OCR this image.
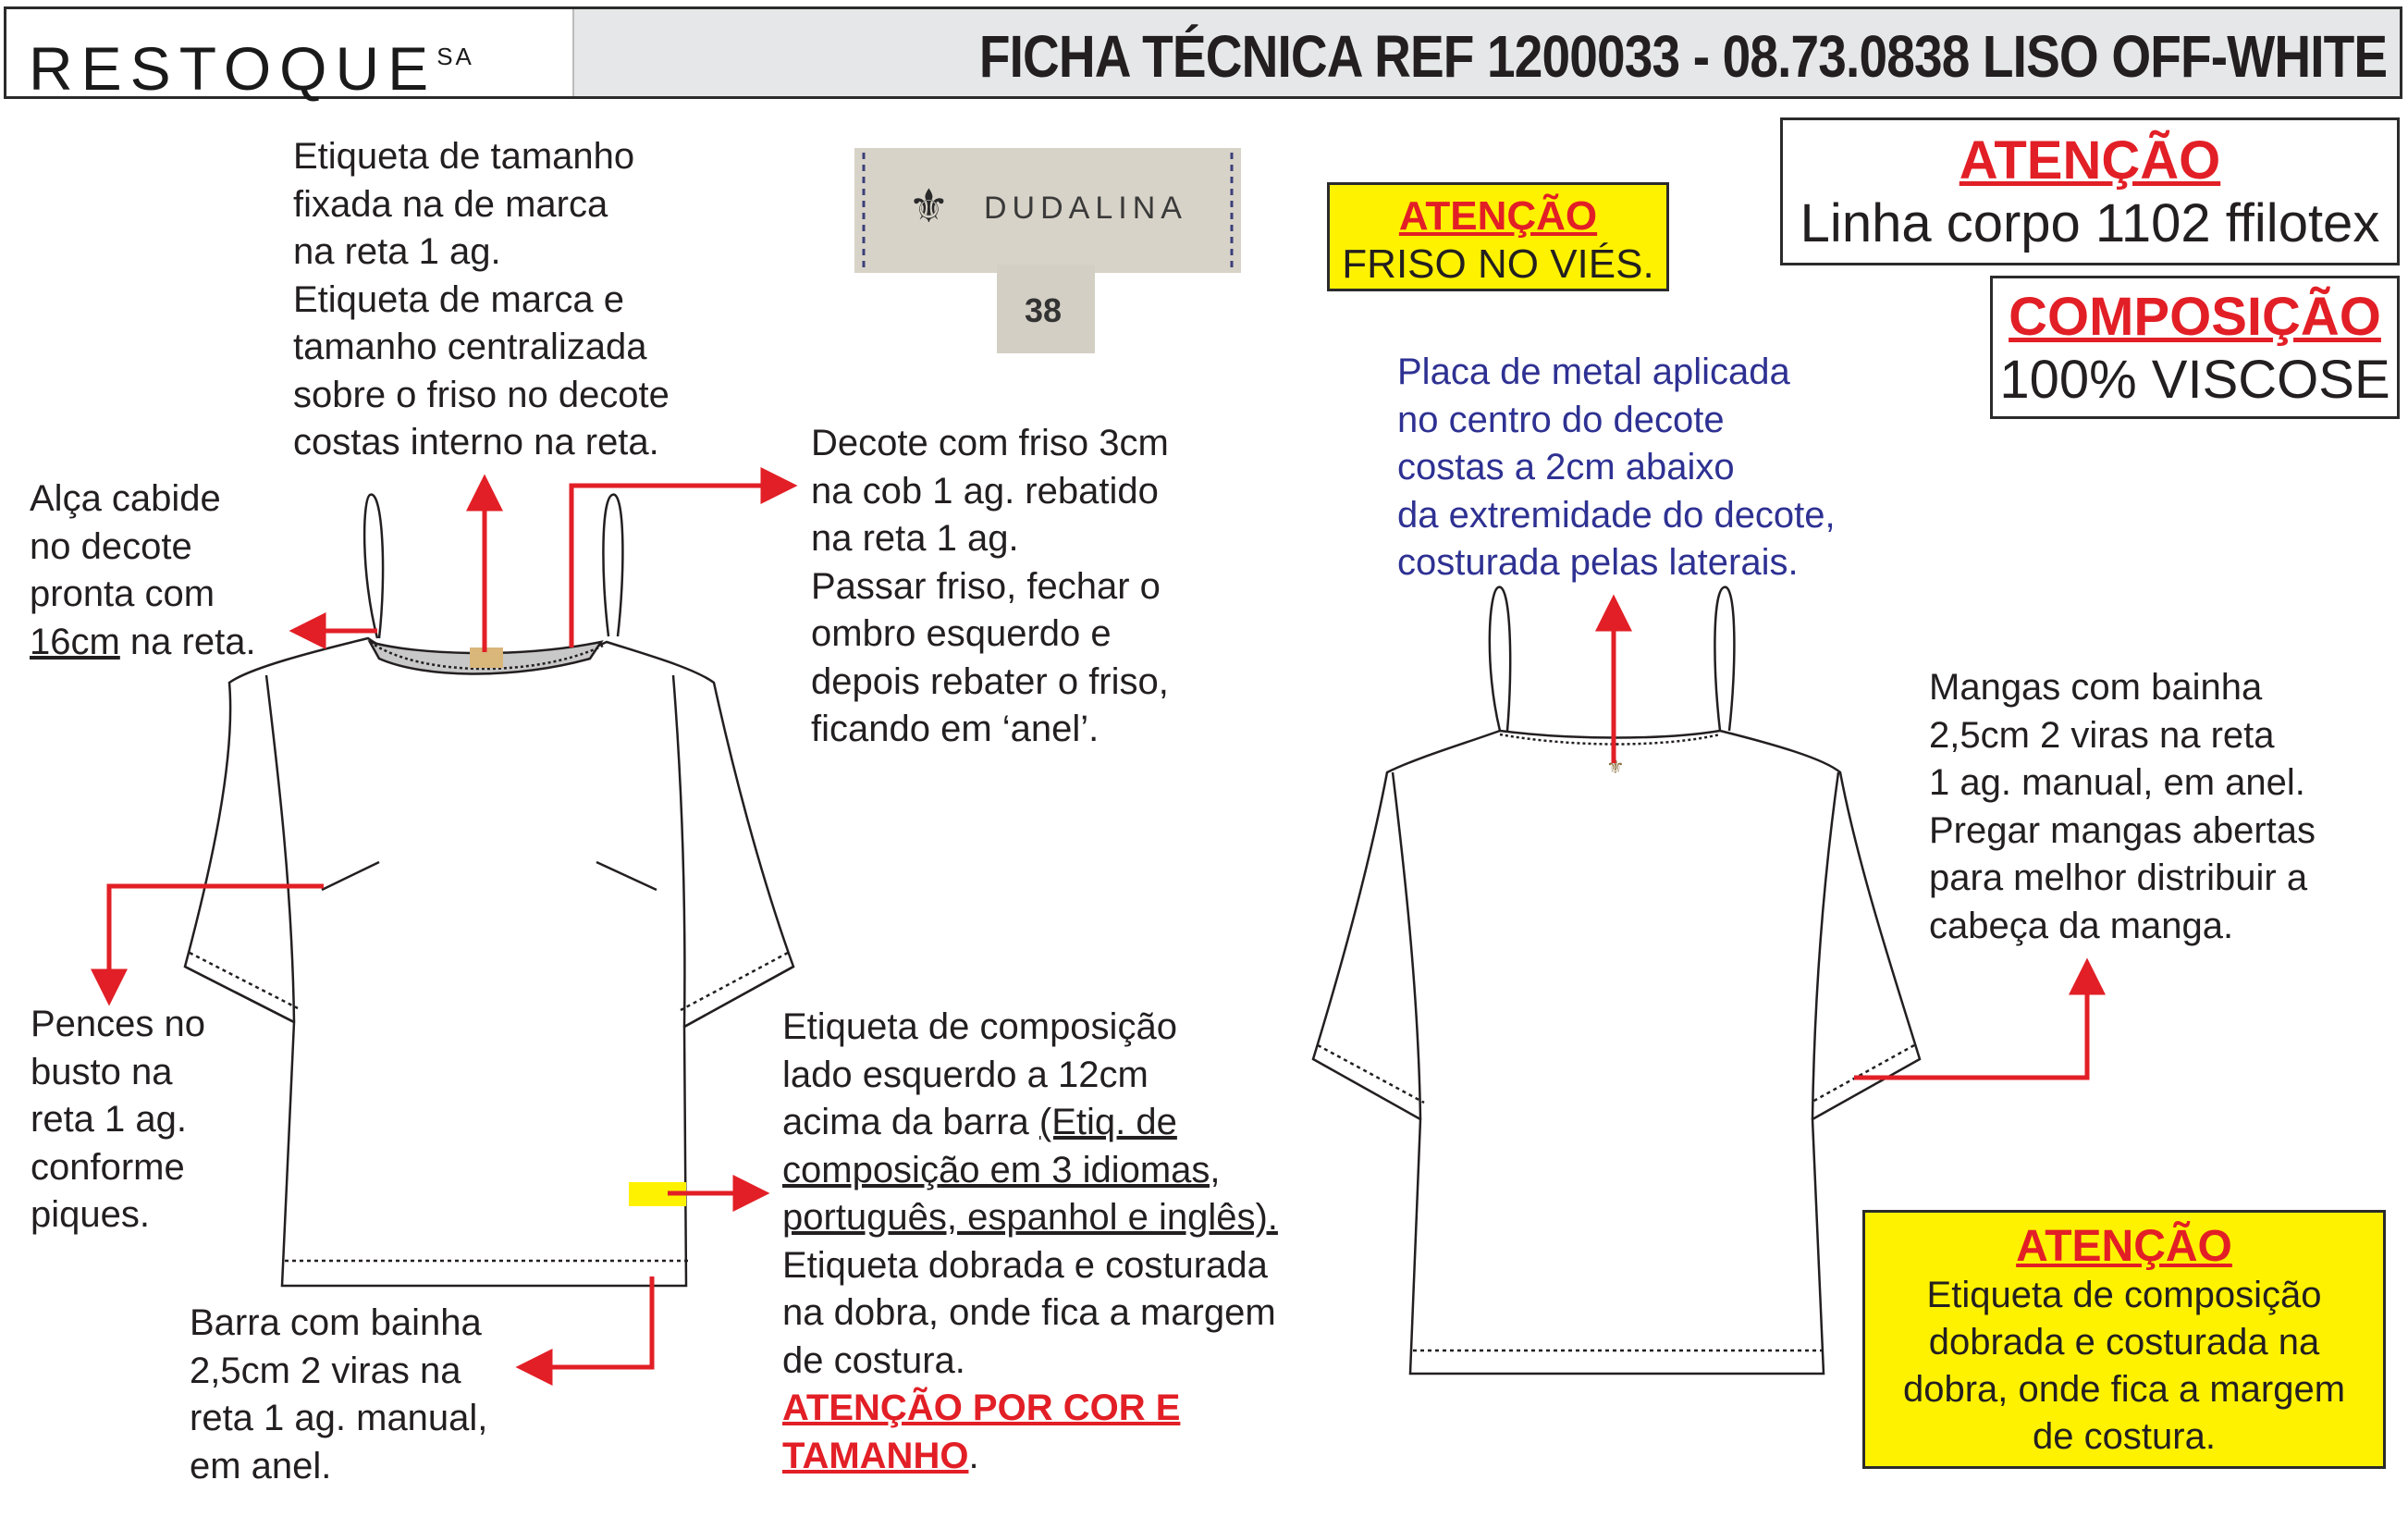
$RESTOQUE^{SA}$	FICHA TÉCNICA REF 1200033 - 08.73.0838 LISO OFF-WHITE
⚜
⚜ DUDALINA
38
Etiqueta de tamanho
fixada na de marca
na reta 1 ag.
Etiqueta de marca e
tamanho centralizada
sobre o friso no decote
costas interno na reta.
Alça cabide
no decote
pronta com
16cm na reta.
Decote com friso 3cm
na cob 1 ag. rebatido
na reta 1 ag.
Passar friso, fechar o
ombro esquerdo e
depois rebater o friso,
ficando em ‘anel’.
Pences no
busto na
reta 1 ag.
conforme
piques.
Etiqueta de composição
lado esquerdo a 12cm
acima da barra (Etiq. de
composição em 3 idiomas,
português, espanhol e inglês).
Etiqueta dobrada e costurada
na dobra, onde fica a margem
de costura.
ATENÇÃO POR COR E
TAMANHO.
Barra com bainha
2,5cm 2 viras na
reta 1 ag. manual,
em anel.
Placa de metal aplicada
no centro do decote
costas a 2cm abaixo
da extremidade do decote,
costurada pelas laterais.
Mangas com bainha
2,5cm 2 viras na reta
1 ag. manual, em anel.
Pregar mangas abertas
para melhor distribuir a
cabeça da manga.
ATENÇÃO
FRISO NO VIÉS.
ATENÇÃO
Linha corpo 1102 ffilotex
COMPOSIÇÃO
100% VISCOSE
ATENÇÃO
Etiqueta de composição
dobrada e costurada na
dobra, onde fica a margem
de costura.
